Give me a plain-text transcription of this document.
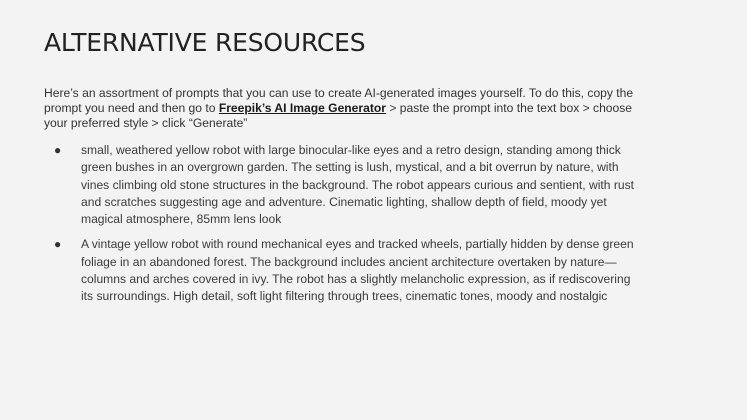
ALTERNATIVE RESOURCES

Here’s an assortment of prompts that you can use to create AI-generated images yourself. To do this, copy the prompt you need and then go to Freepik’s AI Image Generator > paste the prompt into the text box > choose your preferred style > click “Generate”

● small, weathered yellow robot with large binocular-like eyes and a retro design, standing among thick green bushes in an overgrown garden. The setting is lush, mystical, and a bit overrun by nature, with vines climbing old stone structures in the background. The robot appears curious and sentient, with rust and scratches suggesting age and adventure. Cinematic lighting, shallow depth of field, moody yet magical atmosphere, 85mm lens look
● A vintage yellow robot with round mechanical eyes and tracked wheels, partially hidden by dense green foliage in an abandoned forest. The background includes ancient architecture overtaken by nature—columns and arches covered in ivy. The robot has a slightly melancholic expression, as if rediscovering its surroundings. High detail, soft light filtering through trees, cinematic tones, moody and nostalgic
